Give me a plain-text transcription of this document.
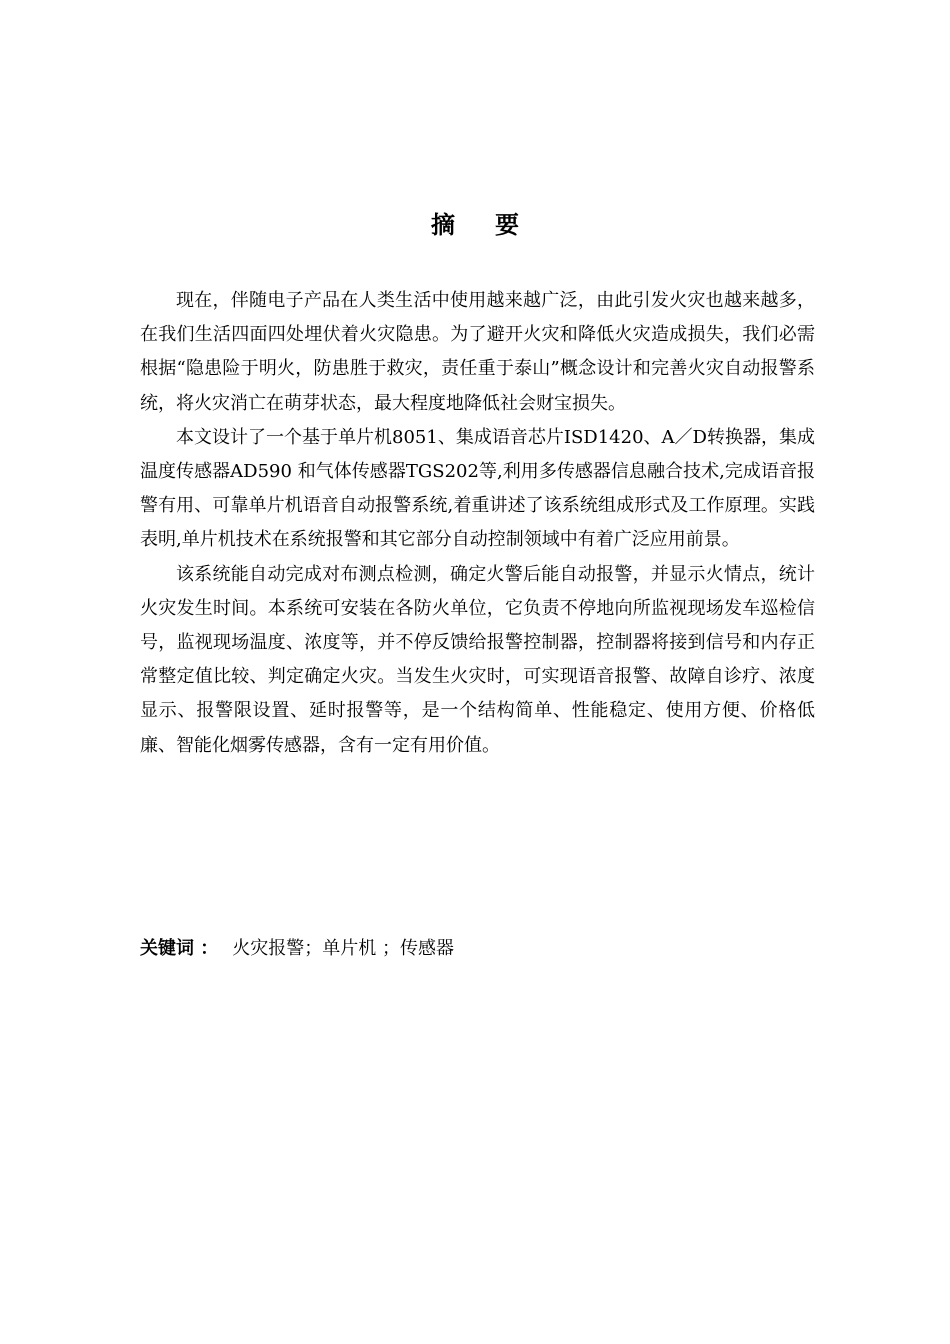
摘 要

现在，伴随电子产品在人类生活中使用越来越广泛，由此引发火灾也越来越多，在我们生活四面四处埋伏着火灾隐患。为了避开火灾和降低火灾造成损失，我们必需根据“隐患险于明火，防患胜于救灾，责任重于泰山”概念设计和完善火灾自动报警系统，将火灾消亡在萌芽状态，最大程度地降低社会财宝损失。

本文设计了一个基于单片机8051、集成语音芯片ISD1420、A／D转换器，集成温度传感器AD590 和气体传感器TGS202等,利用多传感器信息融合技术,完成语音报警有用、可靠单片机语音自动报警系统,着重讲述了该系统组成形式及工作原理。实践表明,单片机技术在系统报警和其它部分自动控制领域中有着广泛应用前景。

该系统能自动完成对布测点检测，确定火警后能自动报警，并显示火情点，统计火灾发生时间。本系统可安装在各防火单位，它负责不停地向所监视现场发车巡检信号，监视现场温度、浓度等，并不停反馈给报警控制器，控制器将接到信号和内存正常整定值比较、判定确定火灾。当发生火灾时，可实现语音报警、故障自诊疗、浓度显示、报警限设置、延时报警等，是一个结构简单、性能稳定、使用方便、价格低廉、智能化烟雾传感器，含有一定有用价值。

关键词 ： 火灾报警；单片机 ；传感器
